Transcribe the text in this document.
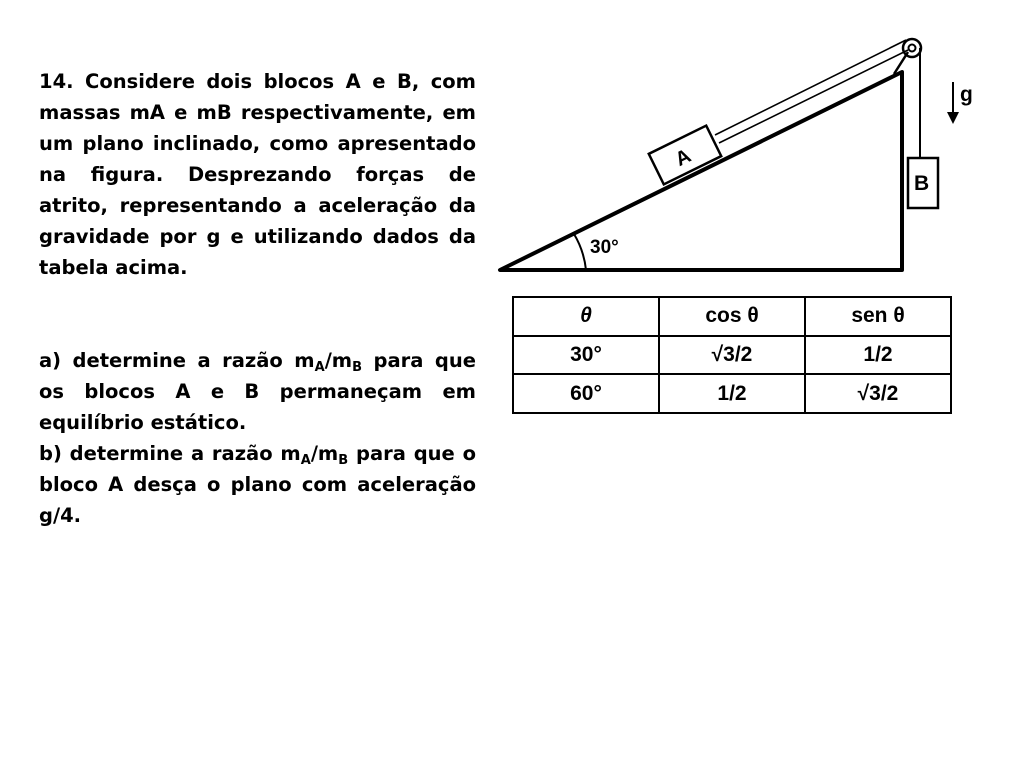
14. Considere dois blocos A e B, com massas mA e mB respectivamente, em um plano inclinado, como apresentado na figura. Desprezando forças de atrito, representando a aceleração da gravidade por g e utilizando dados da tabela acima.

a) determine a razão $m_A/m_B$ para que os blocos A e B permaneçam em equilíbrio estático.

b) determine a razão $m_A/m_B$ para que o bloco A desça o plano com aceleração g/4.

A
B
g
30°
θ	cos θ	sen θ
30°	√3/2	1/2
60°	1/2	√3/2
